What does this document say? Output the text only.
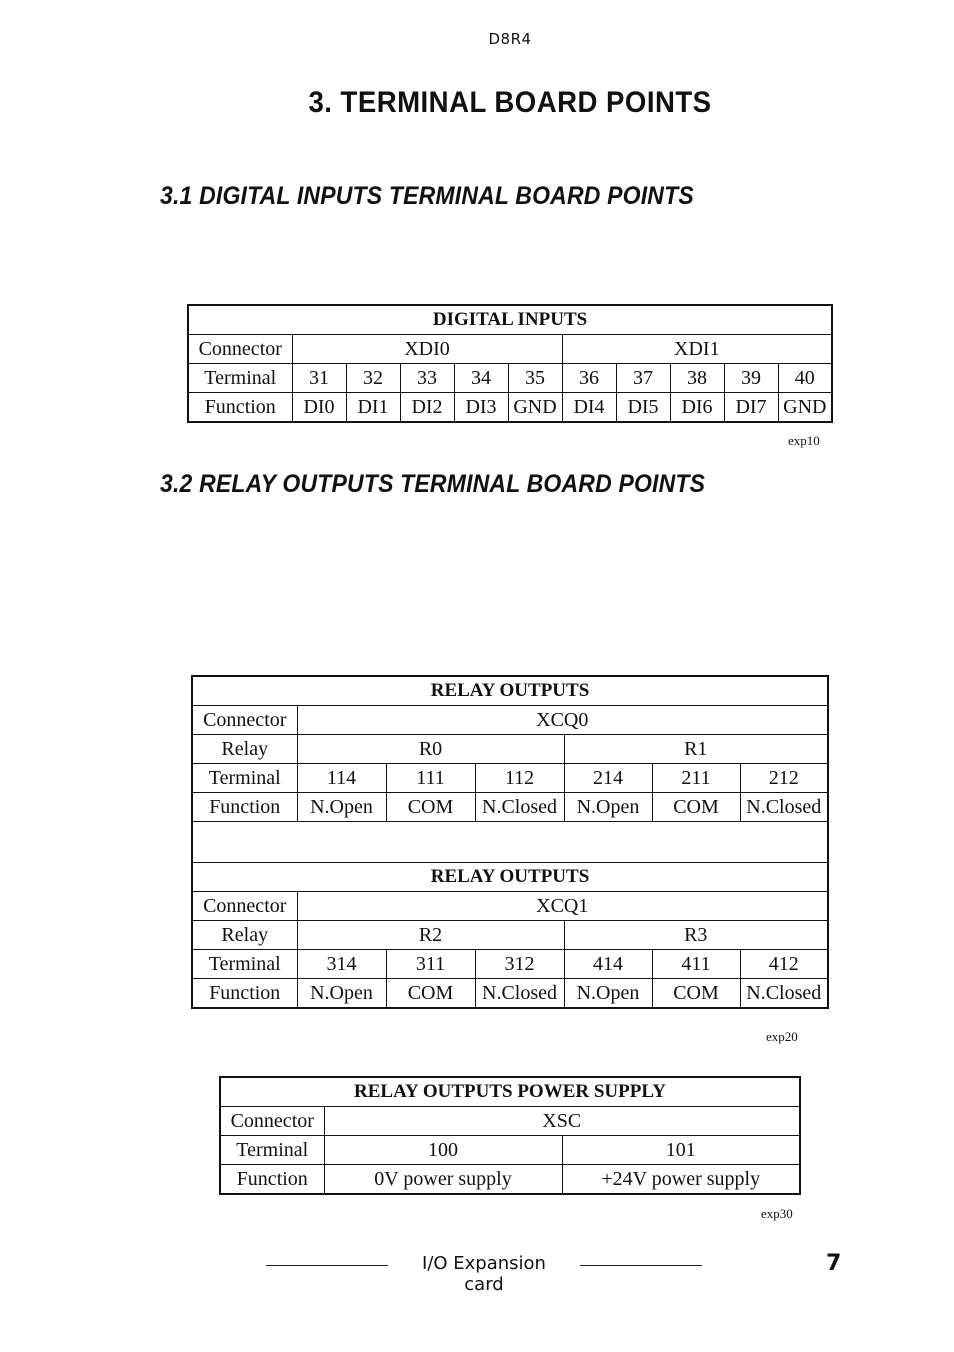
D8R4
3. TERMINAL BOARD POINTS
3.1 DIGITAL INPUTS TERMINAL BOARD POINTS
DIGITAL INPUTS										
Connector	XDI0					XDI1				
Terminal	31	32	33	34	35	36	37	38	39	40
Function	DI0	DI1	DI2	DI3	GND	DI4	DI5	DI6	DI7	GND
exp10
3.2 RELAY OUTPUTS TERMINAL BOARD POINTS
RELAY OUTPUTS						
Connector	XCQ0					
Relay	R0			R1		
Terminal	114	111	112	214	211	212
Function	N.Open	COM	N.Closed	N.Open	COM	N.Closed

RELAY OUTPUTS						
Connector	XCQ1					
Relay	R2			R3		
Terminal	314	311	312	414	411	412
Function	N.Open	COM	N.Closed	N.Open	COM	N.Closed
exp20
RELAY OUTPUTS POWER SUPPLY		
Connector	XSC	
Terminal	100	101
Function	0V power supply	+24V power supply
exp30
I/O Expansion card
7
